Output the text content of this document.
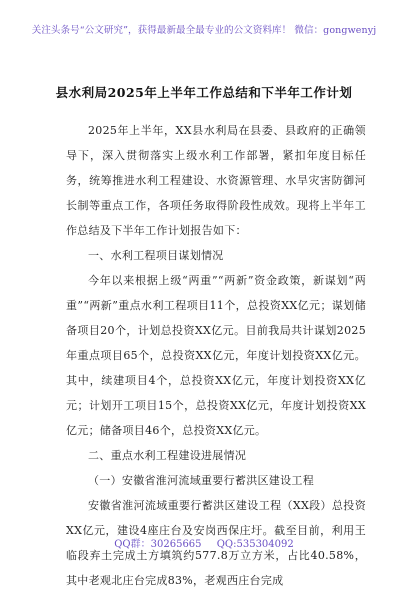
关注头条号“公文研究”，获得最新最全最专业的公文资料库！ 微信：gongwenyj
县水利局2025年上半年工作总结和下半年工作计划

2025年上半年，XX县水利局在县委、县政府的正确领导下，深入贯彻落实上级水利工作部署，紧扣年度目标任务，统筹推进水利工程建设、水资源管理、水旱灾害防御河长制等重点工作，各项任务取得阶段性成效。现将上半年工作总结及下半年工作计划报告如下：

一、水利工程项目谋划情况

今年以来根据上级“两重”“两新”资金政策，新谋划“两重”“两新”重点水利工程项目11个，总投资XX亿元；谋划储备项目20个，计划总投资XX亿元。目前我局共计谋划2025年重点项目65个，总投资XX亿元，年度计划投资XX亿元。其中，续建项目4个，总投资XX亿元，年度计划投资XX亿元；计划开工项目15个，总投资XX亿元，年度计划投资XX亿元；储备项目46个，总投资XX亿元。

二、重点水利工程建设进展情况

（一）安徽省淮河流域重要行蓄洪区建设工程

安徽省淮河流域重要行蓄洪区建设工程（XX段）总投资XX亿元，建设4座庄台及安岗西保庄圩。截至目前，利用王临段弃土完成土方填筑约577.8万立方米，占比40.58%，其中老观北庄台完成83%，老观西庄台完成

QQ群：30265665 QQ:535304092
